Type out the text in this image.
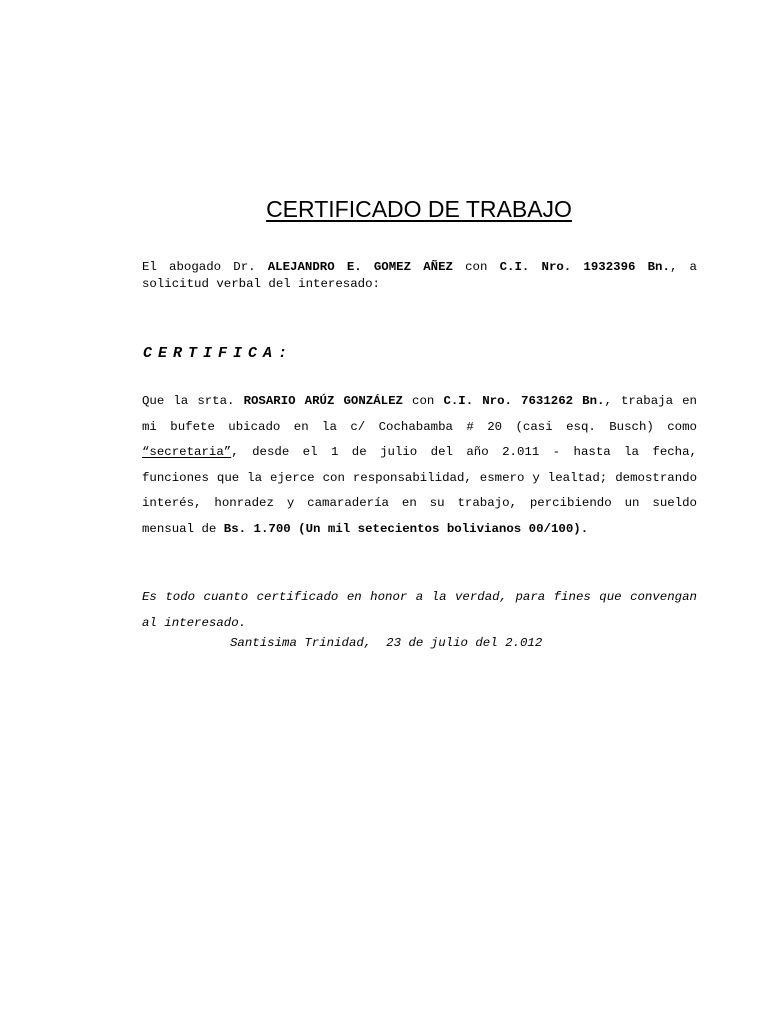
CERTIFICADO DE TRABAJO

El abogado Dr. ALEJANDRO E. GOMEZ AÑEZ con C.I. Nro. 1932396 Bn., a solicitud verbal del interesado:

CERTIFICA:

Que la srta. ROSARIO ARÚZ GONZÁLEZ con C.I. Nro. 7631262 Bn., trabaja en mi bufete ubicado en la c/ Cochabamba # 20 (casi esq. Busch) como “secretaria”, desde el 1 de julio del año 2.011 - hasta la fecha, funciones que la ejerce con responsabilidad, esmero y lealtad; demostrando interés, honradez y camaradería en su trabajo, percibiendo un sueldo mensual de Bs. 1.700 (Un mil setecientos bolivianos 00/100).

Es todo cuanto certificado en honor a la verdad, para fines que convengan al interesado.

Santisima Trinidad,  23 de julio del 2.012
